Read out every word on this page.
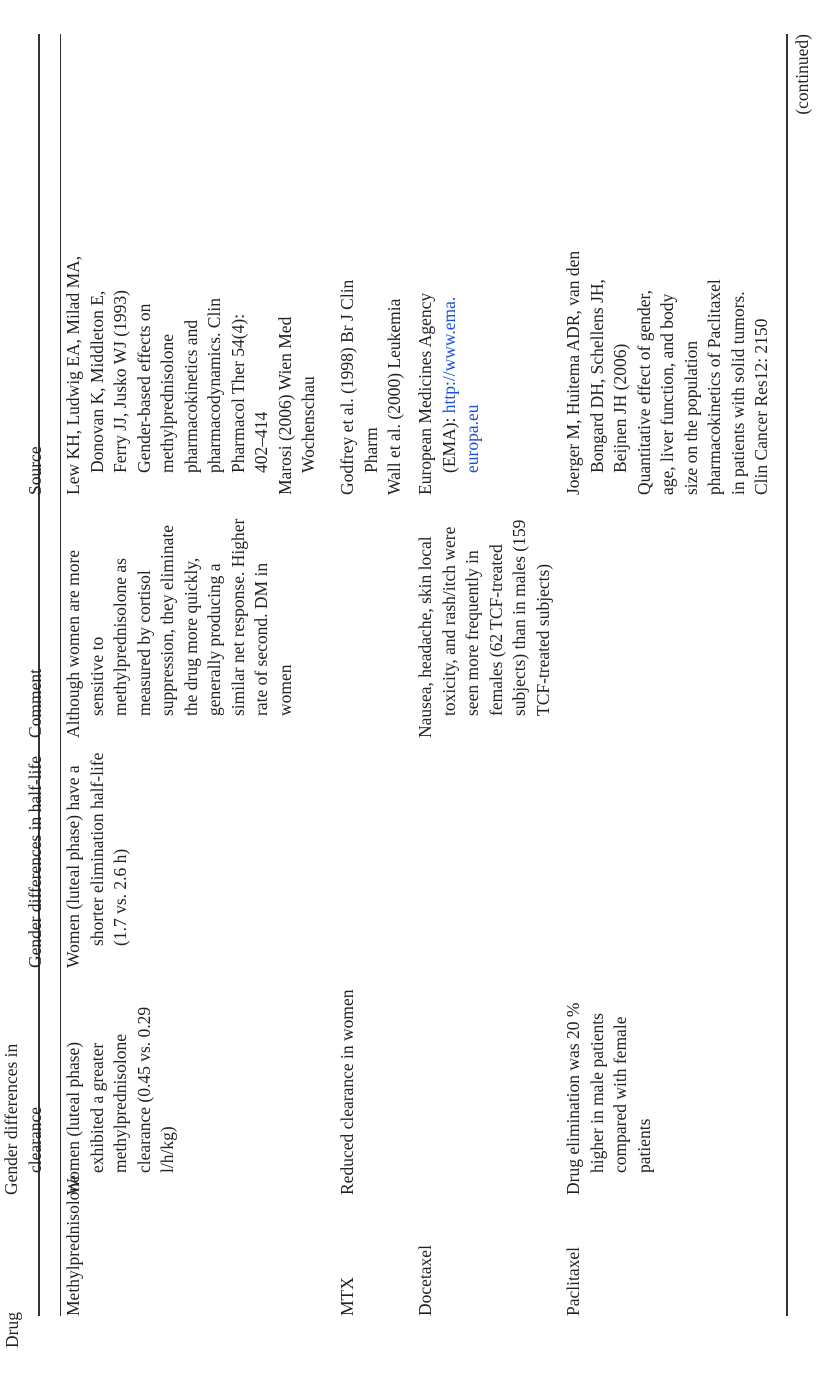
Drug
Gender differences in clearance
Gender differences in half-life
Comment
Source
Methylprednisolone
Women (luteal phase) exhibited a greater methylprednisolone clearance (0.45 vs. 0.29 l/h/kg)
Women (luteal phase) have a shorter elimination half-life (1.7 vs. 2.6 h)
Although women are more sensitive to methylprednisolone as measured by cortisol suppression, they eliminate the drug more quickly, generally producing a similar net response. Higher rate of second. DM in women
Lew KH, Ludwig EA, Milad MA, Donovan K, Middleton E, Ferry JJ, Jusko WJ (1993) Gender-based effects on methylprednisolone pharmacokinetics and pharmacodynamics. Clin Pharmacol Ther 54(4): 402–414 Marosi (2006) Wien Med Wochenschau
MTX
Reduced clearance in women
Godfrey et al. (1998) Br J Clin Pharm Wall et al. (2000) Leukemia
Docetaxel
Nausea, headache, skin local toxicity, and rash/itch were seen more frequently in females (62 TCF-treated subjects) than in males (159 TCF-treated subjects)
European Medicines Agency (EMA): http://www.ema.
europa.eu
Paclitaxel
Drug elimination was 20 % higher in male patients compared with female patients
Joerger M, Huitema ADR, van den Bongard DH, Schellens JH, Beijnen JH (2006) Quantitative effect of gender, age, liver function, and body size on the population pharmacokinetics of Paclitaxel in patients with solid tumors. Clin Cancer Res12: 2150
(continued)
